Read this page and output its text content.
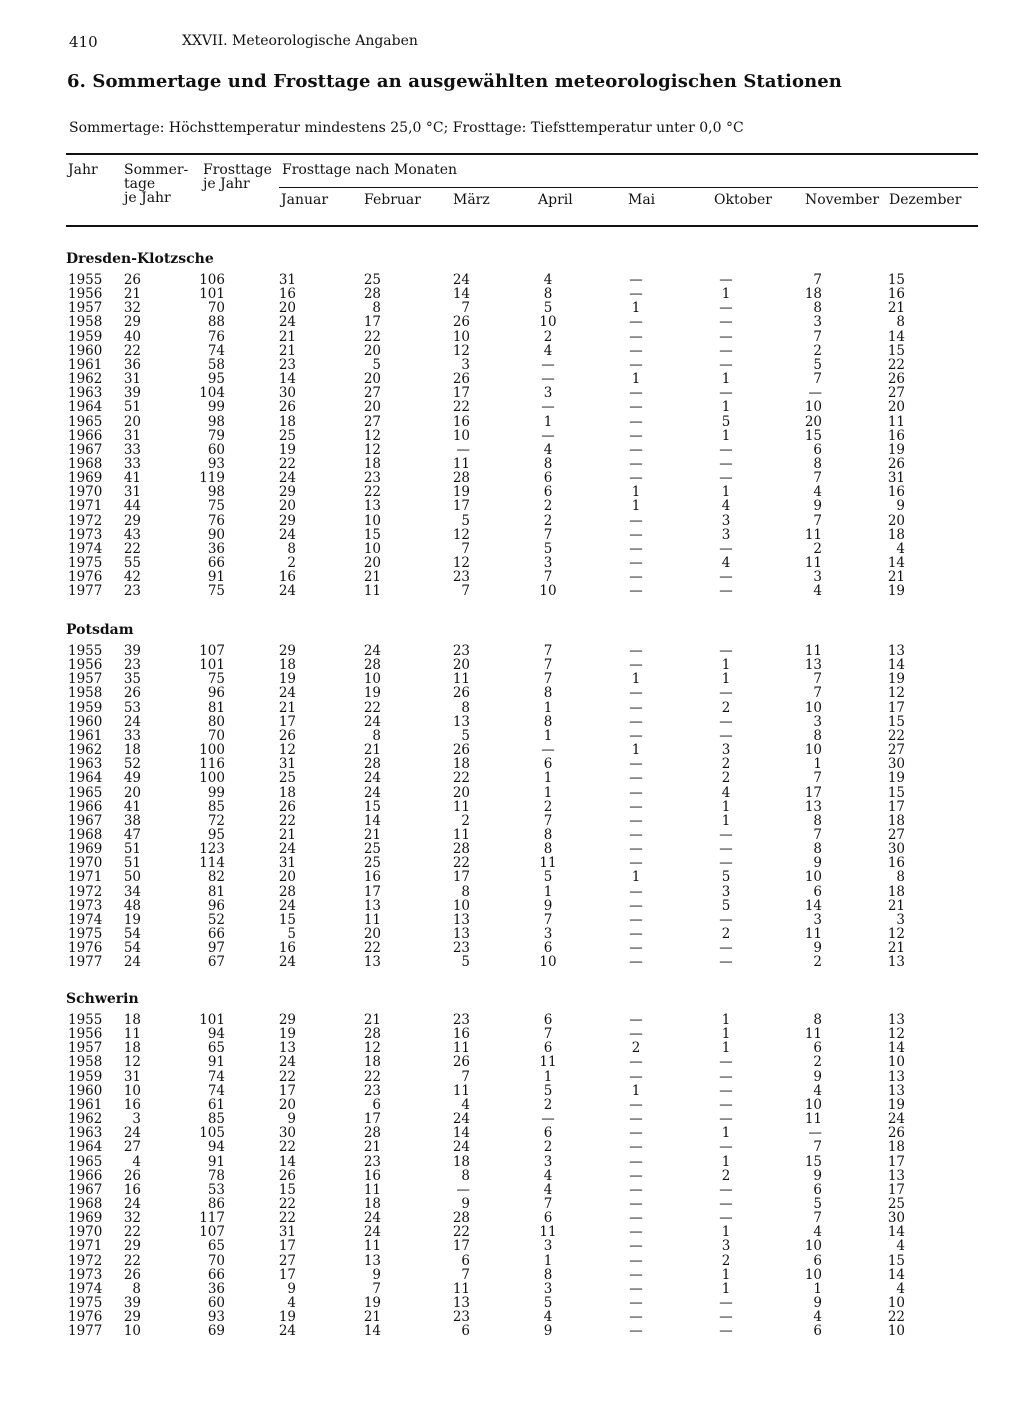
410	XXVII. Meteorologische Angaben
6. Sommertage und Frosttage an ausgewählten meteorologischen Stationen
Sommertage: Höchsttemperatur mindestens 25,0 °C; Frosttage: Tiefsttemperatur unter 0,0 °C
Jahr Sommer-
tage
je Jahr
Frosttage
je Jahr
Frosttage nach Monaten
Januar	Februar März	April	Mai	Oktober November Dezember
Dresden-Klotzsche
1955 26	106	31	25	24	4	—	—	7	15
1956 21	101	16	28	14	8	—	1	18	16
1957 32	70	20	8	7	5	1	—	8	21
1958 29	88	24	17	26	10	—	—	3	8
1959 40	76	21	22	10	2	—	—	7	14
1960 22	74	21	20	12	4	—	—	2	15
1961 36	58	23	5	3	—	—	—	5	22
1962 31	95	14	20	26	—	1	1	7	26
1963 39	104	30	27	17	3	—	—	—	27
1964 51	99	26	20	22	—	—	1	10	20
1965 20	98	18	27	16	1	—	5	20	11
1966 31	79	25	12	10	—	—	1	15	16
1967 33	60	19	12	—	4	—	—	6	19
1968 33	93	22	18	11	8	—	—	8	26
1969 41	119	24	23	28	6	—	—	7	31
1970 31	98	29	22	19	6	1	1	4	16
1971 44	75	20	13	17	2	1	4	9	9
1972 29	76	29	10	5	2	—	3	7	20
1973 43	90	24	15	12	7	—	3	11	18
1974 22	36	8	10	7	5	—	—	2	4
1975 55	66	2	20	12	3	—	4	11	14
1976 42	91	16	21	23	7	—	—	3	21
1977 23	75	24	11	7	10	—	—	4	19
Potsdam
1955 39	107	29	24	23	7	—	—	11	13
1956 23	101	18	28	20	7	—	1	13	14
1957 35	75	19	10	11	7	1	1	7	19
1958 26	96	24	19	26	8	—	—	7	12
1959 53	81	21	22	8	1	—	2	10	17
1960 24	80	17	24	13	8	—	—	3	15
1961 33	70	26	8	5	1	—	—	8	22
1962 18	100	12	21	26	—	1	3	10	27
1963 52	116	31	28	18	6	—	2	1	30
1964 49	100	25	24	22	1	—	2	7	19
1965 20	99	18	24	20	1	—	4	17	15
1966 41	85	26	15	11	2	—	1	13	17
1967 38	72	22	14	2	7	—	1	8	18
1968 47	95	21	21	11	8	—	—	7	27
1969 51	123	24	25	28	8	—	—	8	30
1970 51	114	31	25	22	11	—	—	9	16
1971 50	82	20	16	17	5	1	5	10	8
1972 34	81	28	17	8	1	—	3	6	18
1973 48	96	24	13	10	9	—	5	14	21
1974 19	52	15	11	13	7	—	—	3	3
1975 54	66	5	20	13	3	—	2	11	12
1976 54	97	16	22	23	6	—	—	9	21
1977 24	67	24	13	5	10	—	—	2	13
Schwerin
1955 18	101	29	21	23	6	—	1	8	13
1956 11	94	19	28	16	7	—	1	11	12
1957 18	65	13	12	11	6	2	1	6	14
1958 12	91	24	18	26	11	—	—	2	10
1959 31	74	22	22	7	1	—	—	9	13
1960 10	74	17	23	11	5	1	—	4	13
1961 16	61	20	6	4	2	—	—	10	19
1962 3	85	9	17	24	—	—	—	11	24
1963 24	105	30	28	14	6	—	1	—	26
1964 27	94	22	21	24	2	—	—	7	18
1965 4	91	14	23	18	3	—	1	15	17
1966 26	78	26	16	8	4	—	2	9	13
1967 16	53	15	11	—	4	—	—	6	17
1968 24	86	22	18	9	7	—	—	5	25
1969 32	117	22	24	28	6	—	—	7	30
1970 22	107	31	24	22	11	—	1	4	14
1971 29	65	17	11	17	3	—	3	10	4
1972 22	70	27	13	6	1	—	2	6	15
1973 26	66	17	9	7	8	—	1	10	14
1974 8	36	9	7	11	3	—	1	1	4
1975 39	60	4	19	13	5	—	—	9	10
1976 29	93	19	21	23	4	—	—	4	22
1977 10	69	24	14	6	9	—	—	6	10
